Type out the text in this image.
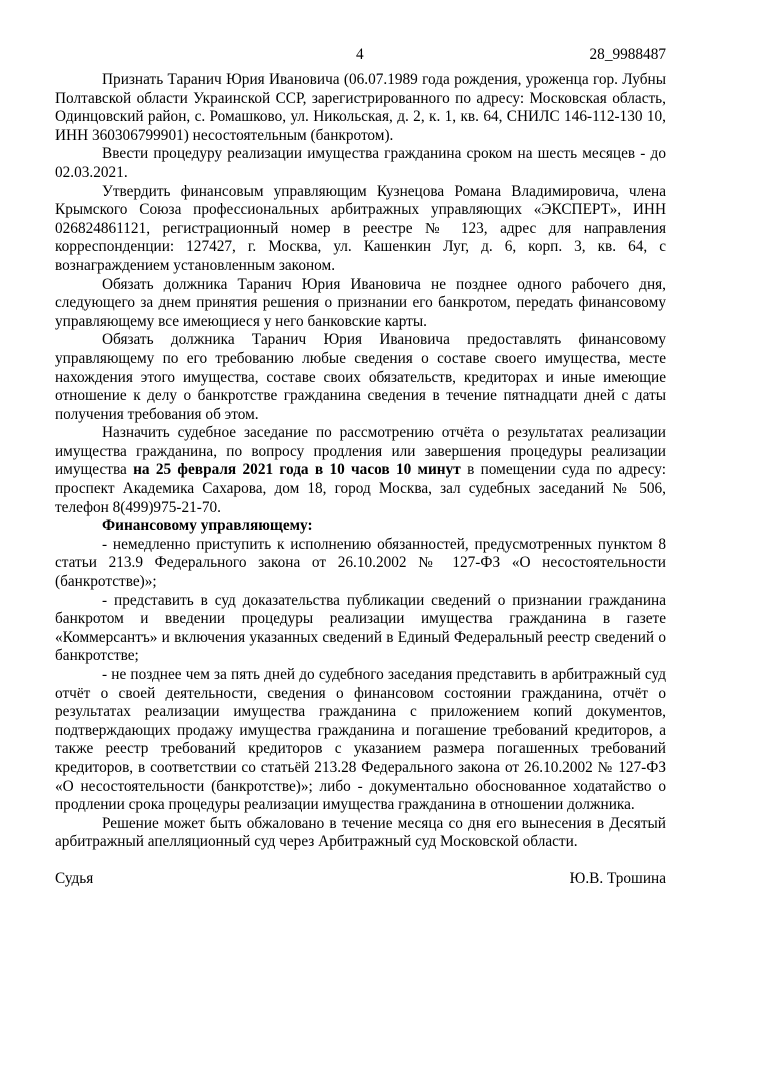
4	28_9988487

Признать Таранич Юрия Ивановича (06.07.1989 года рождения, уроженца гор. Лубны Полтавской области Украинской ССР, зарегистрированного по адресу: Московская область, Одинцовский район, с. Ромашково, ул. Никольская, д. 2, к. 1, кв. 64, СНИЛС 146-112-130 10, ИНН 360306799901) несостоятельным (банкротом).

Ввести процедуру реализации имущества гражданина сроком на шесть месяцев - до 02.03.2021.

Утвердить финансовым управляющим Кузнецова Романа Владимировича, члена Крымского Союза профессиональных арбитражных управляющих «ЭКСПЕРТ», ИНН 026824861121, регистрационный номер в реестре № 123, адрес для направления корреспонденции: 127427, г. Москва, ул. Кашенкин Луг, д. 6, корп. 3, кв. 64, с вознаграждением установленным законом.

Обязать должника Таранич Юрия Ивановича не позднее одного рабочего дня, следующего за днем принятия решения о признании его банкротом, передать финансовому управляющему все имеющиеся у него банковские карты.

Обязать должника Таранич Юрия Ивановича предоставлять финансовому управляющему по его требованию любые сведения о составе своего имущества, месте нахождения этого имущества, составе своих обязательств, кредиторах и иные имеющие отношение к делу о банкротстве гражданина сведения в течение пятнадцати дней с даты получения требования об этом.

Назначить судебное заседание по рассмотрению отчёта о результатах реализации имущества гражданина, по вопросу продления или завершения процедуры реализации имущества на 25 февраля 2021 года в 10 часов 10 минут в помещении суда по адресу: проспект Академика Сахарова, дом 18, город Москва, зал судебных заседаний № 506, телефон 8(499)975-21-70.

Финансовому управляющему:

- немедленно приступить к исполнению обязанностей, предусмотренных пунктом 8 статьи 213.9 Федерального закона от 26.10.2002 № 127-ФЗ «О несостоятельности (банкротстве)»;

- представить в суд доказательства публикации сведений о признании гражданина банкротом и введении процедуры реализации имущества гражданина в газете «Коммерсантъ» и включения указанных сведений в Единый Федеральный реестр сведений о банкротстве;

- не позднее чем за пять дней до судебного заседания представить в арбитражный суд отчёт о своей деятельности, сведения о финансовом состоянии гражданина, отчёт о результатах реализации имущества гражданина с приложением копий документов, подтверждающих продажу имущества гражданина и погашение требований кредиторов, а также реестр требований кредиторов с указанием размера погашенных требований кредиторов, в соответствии со статьёй 213.28 Федерального закона от 26.10.2002 № 127-ФЗ «О несостоятельности (банкротстве)»; либо - документально обоснованное ходатайство о продлении срока процедуры реализации имущества гражданина в отношении должника.

Решение может быть обжаловано в течение месяца со дня его вынесения в Десятый арбитражный апелляционный суд через Арбитражный суд Московской области.

Судья	Ю.В. Трошина
